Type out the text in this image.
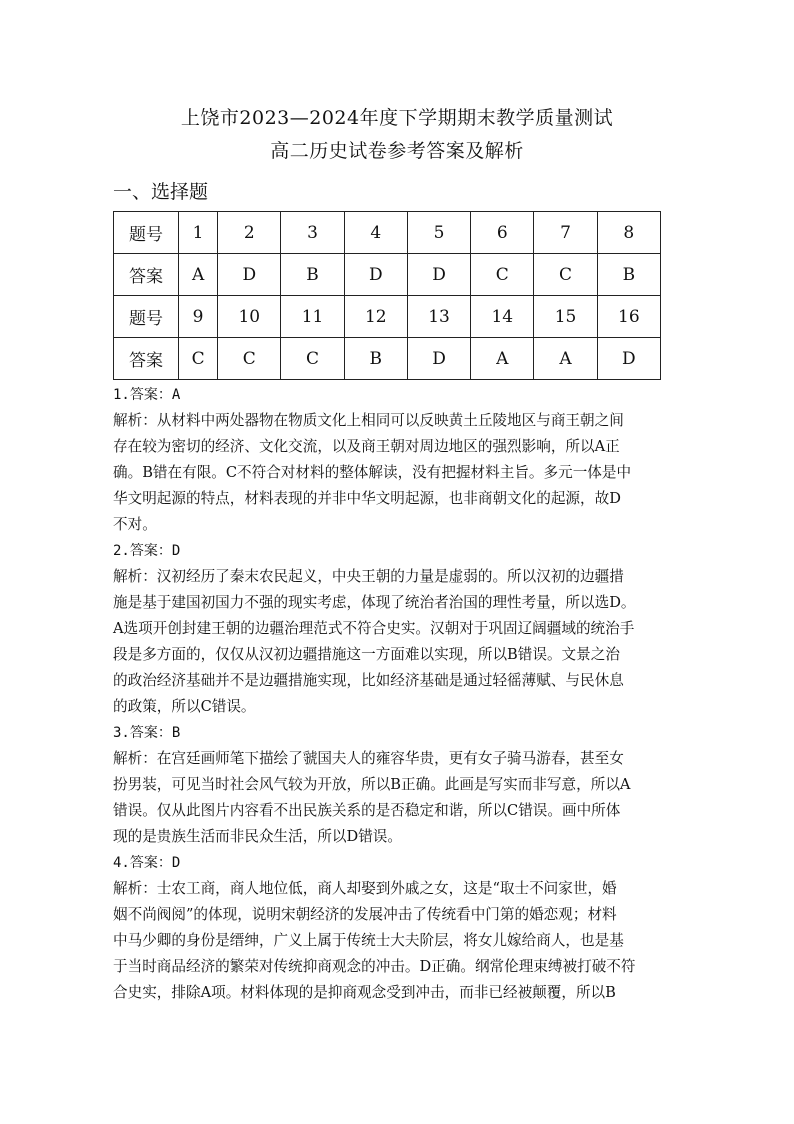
上饶市2023—2024年度下学期期末教学质量测试
高二历史试卷参考答案及解析
一、选择题
题号	1	2	3	4	5	6	7	8
答案	A	D	B	D	D	C	C	B
题号	9	10	11	12	13	14	15	16
答案	C	C	C	B	D	A	A	D

1.答案：A

解析：从材料中两处器物在物质文化上相同可以反映黄土丘陵地区与商王朝之间

存在较为密切的经济、文化交流，以及商王朝对周边地区的强烈影响，所以A正

确。B错在有限。C不符合对材料的整体解读，没有把握材料主旨。多元一体是中

华文明起源的特点，材料表现的并非中华文明起源，也非商朝文化的起源，故D

不对。

2.答案：D

解析：汉初经历了秦末农民起义，中央王朝的力量是虚弱的。所以汉初的边疆措

施是基于建国初国力不强的现实考虑，体现了统治者治国的理性考量，所以选D。

A选项开创封建王朝的边疆治理范式不符合史实。汉朝对于巩固辽阔疆域的统治手

段是多方面的，仅仅从汉初边疆措施这一方面难以实现，所以B错误。文景之治

的政治经济基础并不是边疆措施实现，比如经济基础是通过轻徭薄赋、与民休息

的政策，所以C错误。

3.答案：B

解析：在宫廷画师笔下描绘了虢国夫人的雍容华贵，更有女子骑马游春，甚至女

扮男装，可见当时社会风气较为开放，所以B正确。此画是写实而非写意，所以A

错误。仅从此图片内容看不出民族关系的是否稳定和谐，所以C错误。画中所体

现的是贵族生活而非民众生活，所以D错误。

4.答案：D

解析：士农工商，商人地位低，商人却娶到外戚之女，这是“取士不问家世，婚

姻不尚阀阅”的体现，说明宋朝经济的发展冲击了传统看中门第的婚恋观；材料

中马少卿的身份是缙绅，广义上属于传统士大夫阶层，将女儿嫁给商人，也是基

于当时商品经济的繁荣对传统抑商观念的冲击。D正确。纲常伦理束缚被打破不符

合史实，排除A项。材料体现的是抑商观念受到冲击，而非已经被颠覆，所以B
